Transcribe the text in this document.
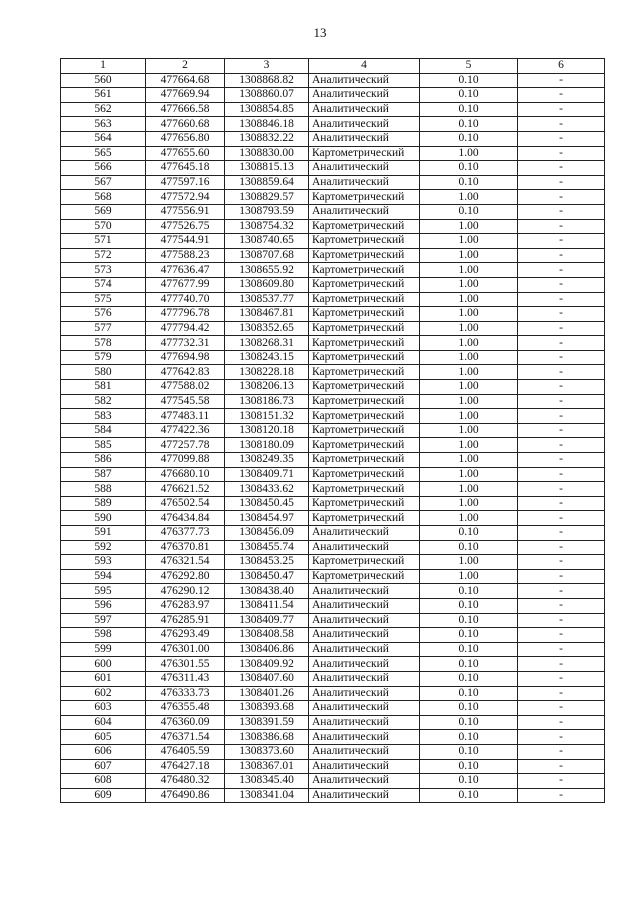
13
1	2	3	4	5	6
560	477664.68	1308868.82	Аналитический	0.10	-
561	477669.94	1308860.07	Аналитический	0.10	-
562	477666.58	1308854.85	Аналитический	0.10	-
563	477660.68	1308846.18	Аналитический	0.10	-
564	477656.80	1308832.22	Аналитический	0.10	-
565	477655.60	1308830.00	Картометрический	1.00	-
566	477645.18	1308815.13	Аналитический	0.10	-
567	477597.16	1308859.64	Аналитический	0.10	-
568	477572.94	1308829.57	Картометрический	1.00	-
569	477556.91	1308793.59	Аналитический	0.10	-
570	477526.75	1308754.32	Картометрический	1.00	-
571	477544.91	1308740.65	Картометрический	1.00	-
572	477588.23	1308707.68	Картометрический	1.00	-
573	477636.47	1308655.92	Картометрический	1.00	-
574	477677.99	1308609.80	Картометрический	1.00	-
575	477740.70	1308537.77	Картометрический	1.00	-
576	477796.78	1308467.81	Картометрический	1.00	-
577	477794.42	1308352.65	Картометрический	1.00	-
578	477732.31	1308268.31	Картометрический	1.00	-
579	477694.98	1308243.15	Картометрический	1.00	-
580	477642.83	1308228.18	Картометрический	1.00	-
581	477588.02	1308206.13	Картометрический	1.00	-
582	477545.58	1308186.73	Картометрический	1.00	-
583	477483.11	1308151.32	Картометрический	1.00	-
584	477422.36	1308120.18	Картометрический	1.00	-
585	477257.78	1308180.09	Картометрический	1.00	-
586	477099.88	1308249.35	Картометрический	1.00	-
587	476680.10	1308409.71	Картометрический	1.00	-
588	476621.52	1308433.62	Картометрический	1.00	-
589	476502.54	1308450.45	Картометрический	1.00	-
590	476434.84	1308454.97	Картометрический	1.00	-
591	476377.73	1308456.09	Аналитический	0.10	-
592	476370.81	1308455.74	Аналитический	0.10	-
593	476321.54	1308453.25	Картометрический	1.00	-
594	476292.80	1308450.47	Картометрический	1.00	-
595	476290.12	1308438.40	Аналитический	0.10	-
596	476283.97	1308411.54	Аналитический	0.10	-
597	476285.91	1308409.77	Аналитический	0.10	-
598	476293.49	1308408.58	Аналитический	0.10	-
599	476301.00	1308406.86	Аналитический	0.10	-
600	476301.55	1308409.92	Аналитический	0.10	-
601	476311.43	1308407.60	Аналитический	0.10	-
602	476333.73	1308401.26	Аналитический	0.10	-
603	476355.48	1308393.68	Аналитический	0.10	-
604	476360.09	1308391.59	Аналитический	0.10	-
605	476371.54	1308386.68	Аналитический	0.10	-
606	476405.59	1308373.60	Аналитический	0.10	-
607	476427.18	1308367.01	Аналитический	0.10	-
608	476480.32	1308345.40	Аналитический	0.10	-
609	476490.86	1308341.04	Аналитический	0.10	-
